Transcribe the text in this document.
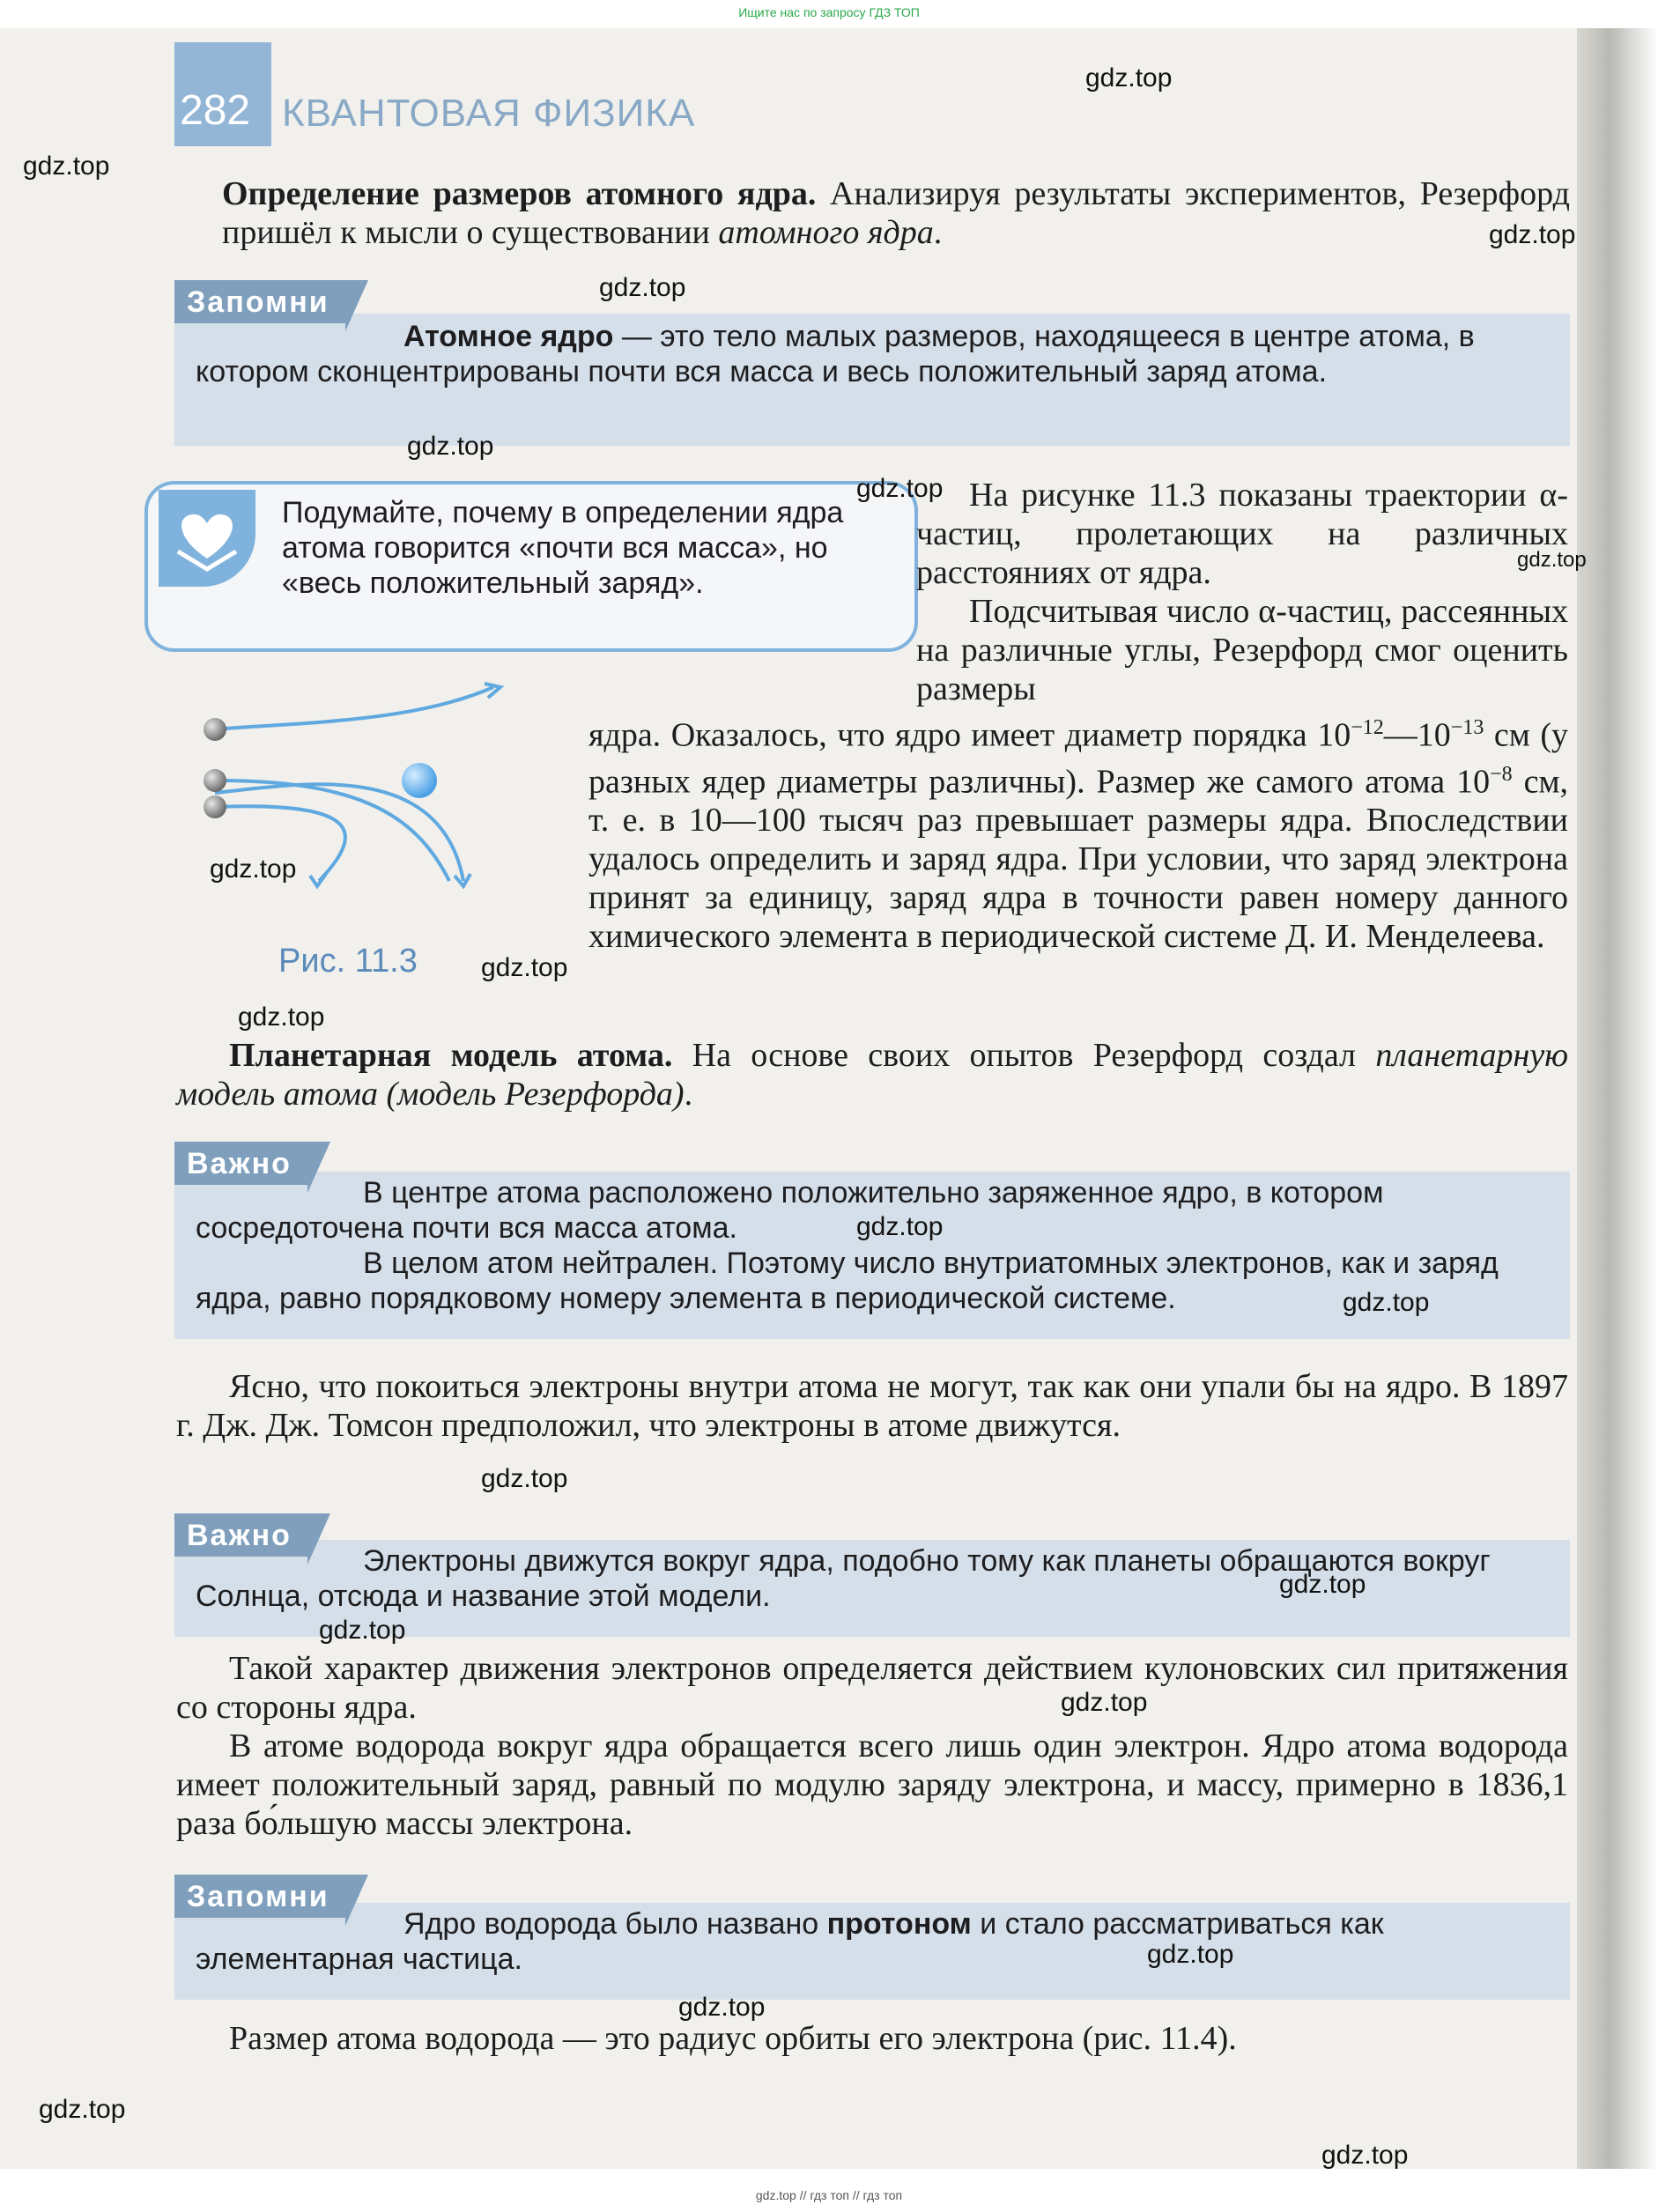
Ищите нас по запросу ГДЗ ТОП
282 КВАНТОВАЯ ФИЗИКА
Определение размеров атомного ядра. Анализируя результаты экспериментов, Резерфорд пришёл к мысли о существовании атомного ядра.
Запомни
Атомное ядро — это тело малых размеров, находящееся в центре атома, в котором сконцентрированы почти вся масса и весь положительный заряд атома.
Подумайте, почему в определении ядра атома говорится «почти вся масса», но «весь положительный заряд».
На рисунке 11.3 показаны траектории α-частиц, пролетающих на различных расстояниях от ядра.
Подсчитывая число α-частиц, рассеянных на различные углы, Резерфорд смог оценить размеры
Рис. 11.3
ядра. Оказалось, что ядро имеет диаметр порядка $10^{-12}—10^{-13}$ см (у разных ядер диаметры различны). Размер же самого атома $10^{-8}$ см, т. е. в 10—100 тысяч раз превышает размеры ядра. Впоследствии удалось определить и заряд ядра. При условии, что заряд электрона принят за единицу, заряд ядра в точности равен номеру данного химического элемента в периодической системе Д. И. Менделеева.
Планетарная модель атома. На основе своих опытов Резерфорд создал планетарную модель атома (модель Резерфорда).
Важно
В центре атома расположено положительно заряженное ядро, в котором сосредоточена почти вся масса атома.
В целом атом нейтрален. Поэтому число внутриатомных электронов, как и заряд ядра, равно порядковому номеру элемента в периодической системе.
Ясно, что покоиться электроны внутри атома не могут, так как они упали бы на ядро. В 1897 г. Дж. Дж. Томсон предположил, что электроны в атоме движутся.
Важно
Электроны движутся вокруг ядра, подобно тому как планеты обращаются вокруг Солнца, отсюда и название этой модели.
Такой характер движения электронов определяется действием кулоновских сил притяжения со стороны ядра.
В атоме водорода вокруг ядра обращается всего лишь один электрон. Ядро атома водорода имеет положительный заряд, равный по модулю заряду электрона, и массу, примерно в 1836,1 раза бо́льшую массы электрона.
Запомни
Ядро водорода было названо протоном и стало рассматриваться как элементарная частица.
Размер атома водорода — это радиус орбиты его электрона (рис. 11.4).
gdz.top
gdz.top
gdz.top
gdz.top
gdz.top
gdz.top
gdz.top
gdz.top
gdz.top
gdz.top
gdz.top
gdz.top
gdz.top
gdz.top
gdz.top
gdz.top
gdz.top
gdz.top
gdz.top
gdz.top
gdz.top // гдз топ // гдз топ
